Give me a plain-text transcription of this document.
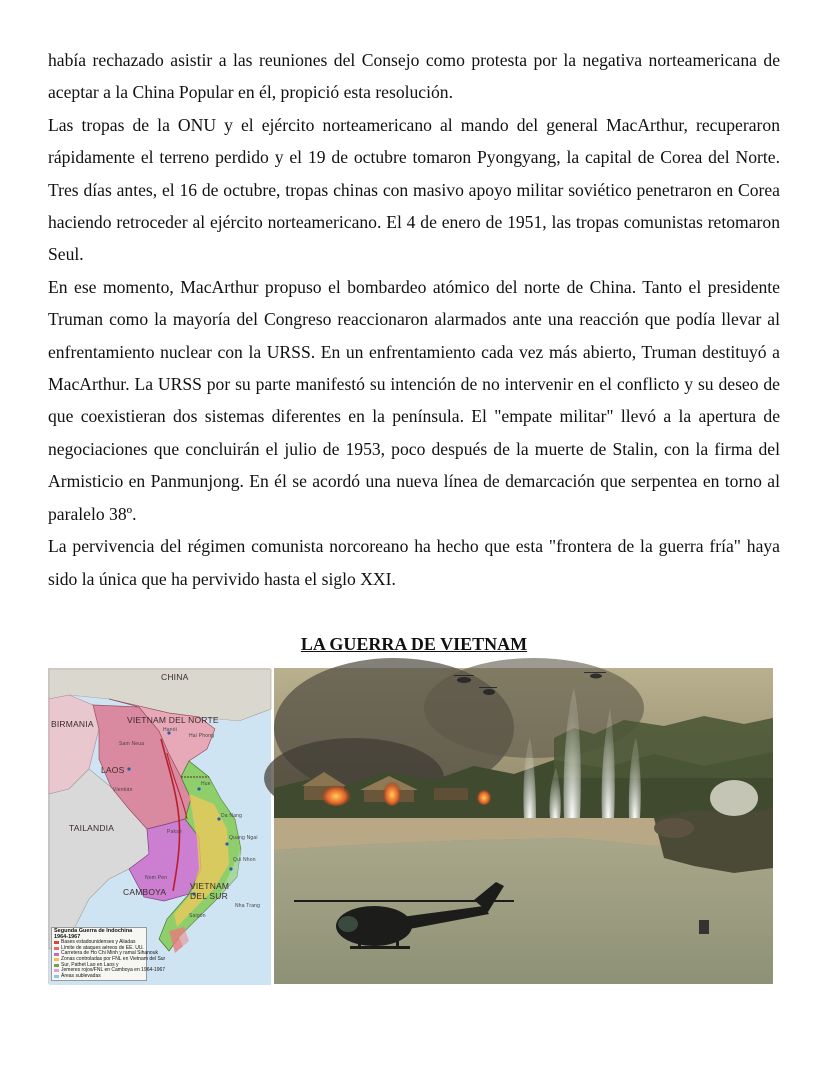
había rechazado asistir a las reuniones del Consejo como protesta por la negativa norteamericana de aceptar a la China Popular en él, propició esta resolución.

Las tropas de la ONU y el ejército norteamericano al mando del general MacArthur, recuperaron rápidamente el terreno perdido y el 19 de octubre tomaron Pyongyang, la capital de Corea del Norte. Tres días antes, el 16 de octubre, tropas chinas con masivo apoyo militar soviético penetraron en Corea haciendo retroceder al ejército norteamericano. El 4 de enero de 1951, las tropas comunistas retomaron Seul.

En ese momento, MacArthur propuso el bombardeo atómico del norte de China. Tanto el presidente Truman como la mayoría del Congreso reaccionaron alarmados ante una reacción que podía llevar al enfrentamiento nuclear con la URSS. En un enfrentamiento cada vez más abierto, Truman destituyó a MacArthur. La URSS por su parte manifestó su intención de no intervenir en el conflicto y su deseo de que coexistieran dos sistemas diferentes en la península. El "empate militar" llevó a la apertura de negociaciones que concluirán el julio de 1953, poco después de la muerte de Stalin, con la firma del Armisticio en Panmunjong. En él se acordó una nueva línea de demarcación que serpentea en torno al paralelo 38º.

La pervivencia del régimen comunista norcoreano ha hecho que esta "frontera de la guerra fría" haya sido la única que ha pervivido hasta el siglo XXI.

LA GUERRA DE VIETNAM
CHINA
BIRMANIA	VIETNAM DEL NORTE
LAOS
TAILANDIA
CAMBOYA
VIETNAM
DEL SUR
Hanói
Hai Phong
Sam Neua
Vientián
Hue
Da Nang
Quang Ngai
Qui Nhon
Nha Trang
Saigón
Nom Pen
Paksé
Segunda Guerra de Indochina
1964-1967
Bases estadounidenses y Aliadas
Límite de ataques aéreos de EE. UU.
Carretera de Ho Chi Minh y ramal Sihanouk
Zonas controladas por FNL en Vietnam del Sur
Sur, Pathet Lao en Laos y
Jemeres rojos/FNL en Camboya en 1964-1967
Áreas sublevadas
